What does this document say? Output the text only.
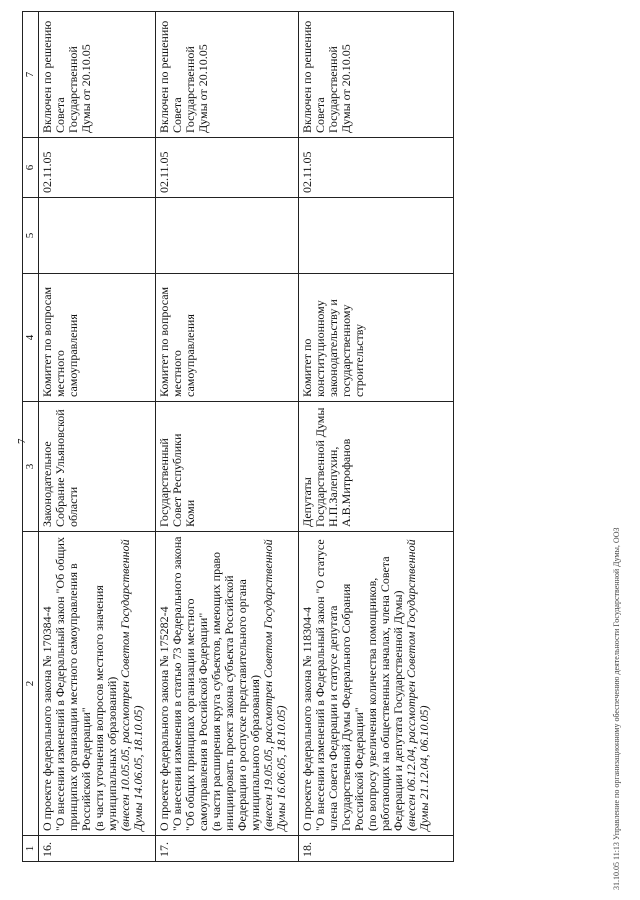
7
1	2	3	4	5	6	7
16.	О проекте федерального закона № 170384-4 "О внесении изменений в Федеральный закон "Об общих принципах организации местного самоуправления в Российской Федерации" (в части уточнения вопросов местного значения муниципальных образований) (внесен 10.05.05, рассмотрен Советом Государственной Думы 14.06.05, 18.10.05)	Законодательное Собрание Ульяновской области	Комитет по вопросам местного самоуправления		02.11.05	Включен по решению Совета Государственной Думы от 20.10.05
17.	О проекте федерального закона № 175282-4 "О внесении изменения в статью 73 Федерального закона "Об общих принципах организации местного самоуправления в Российской Федерации" (в части расширения круга субъектов, имеющих право инициировать проект закона субъекта Российской Федерации о роспуске представительного органа муниципального образования) (внесен 19.05.05, рассмотрен Советом Государственной Думы 16.06.05, 18.10.05)	Государственный Совет Республики Коми	Комитет по вопросам местного самоуправления		02.11.05	Включен по решению Совета Государственной Думы от 20.10.05
18.	О проекте федерального закона № 118304-4 "О внесении изменений в Федеральный закон "О статусе члена Совета Федерации и статусе депутата Государственной Думы Федерального Собрания Российской Федерации" (по вопросу увеличения количества помощников, работающих на общественных началах, члена Совета Федерации и депутата Государственной Думы) (внесен 06.12.04, рассмотрен Советом Государственной Думы 21.12.04, 06.10.05)	Депутаты Государственной Думы Н.П.Залепухин, А.В.Митрофанов	Комитет по конституционному законодательству и государственному строительству		02.11.05	Включен по решению Совета Государственной Думы от 20.10.05
31.10.05 11:13 Управление по организационному обеспечению деятельности Государственной Думы, ООЗ
